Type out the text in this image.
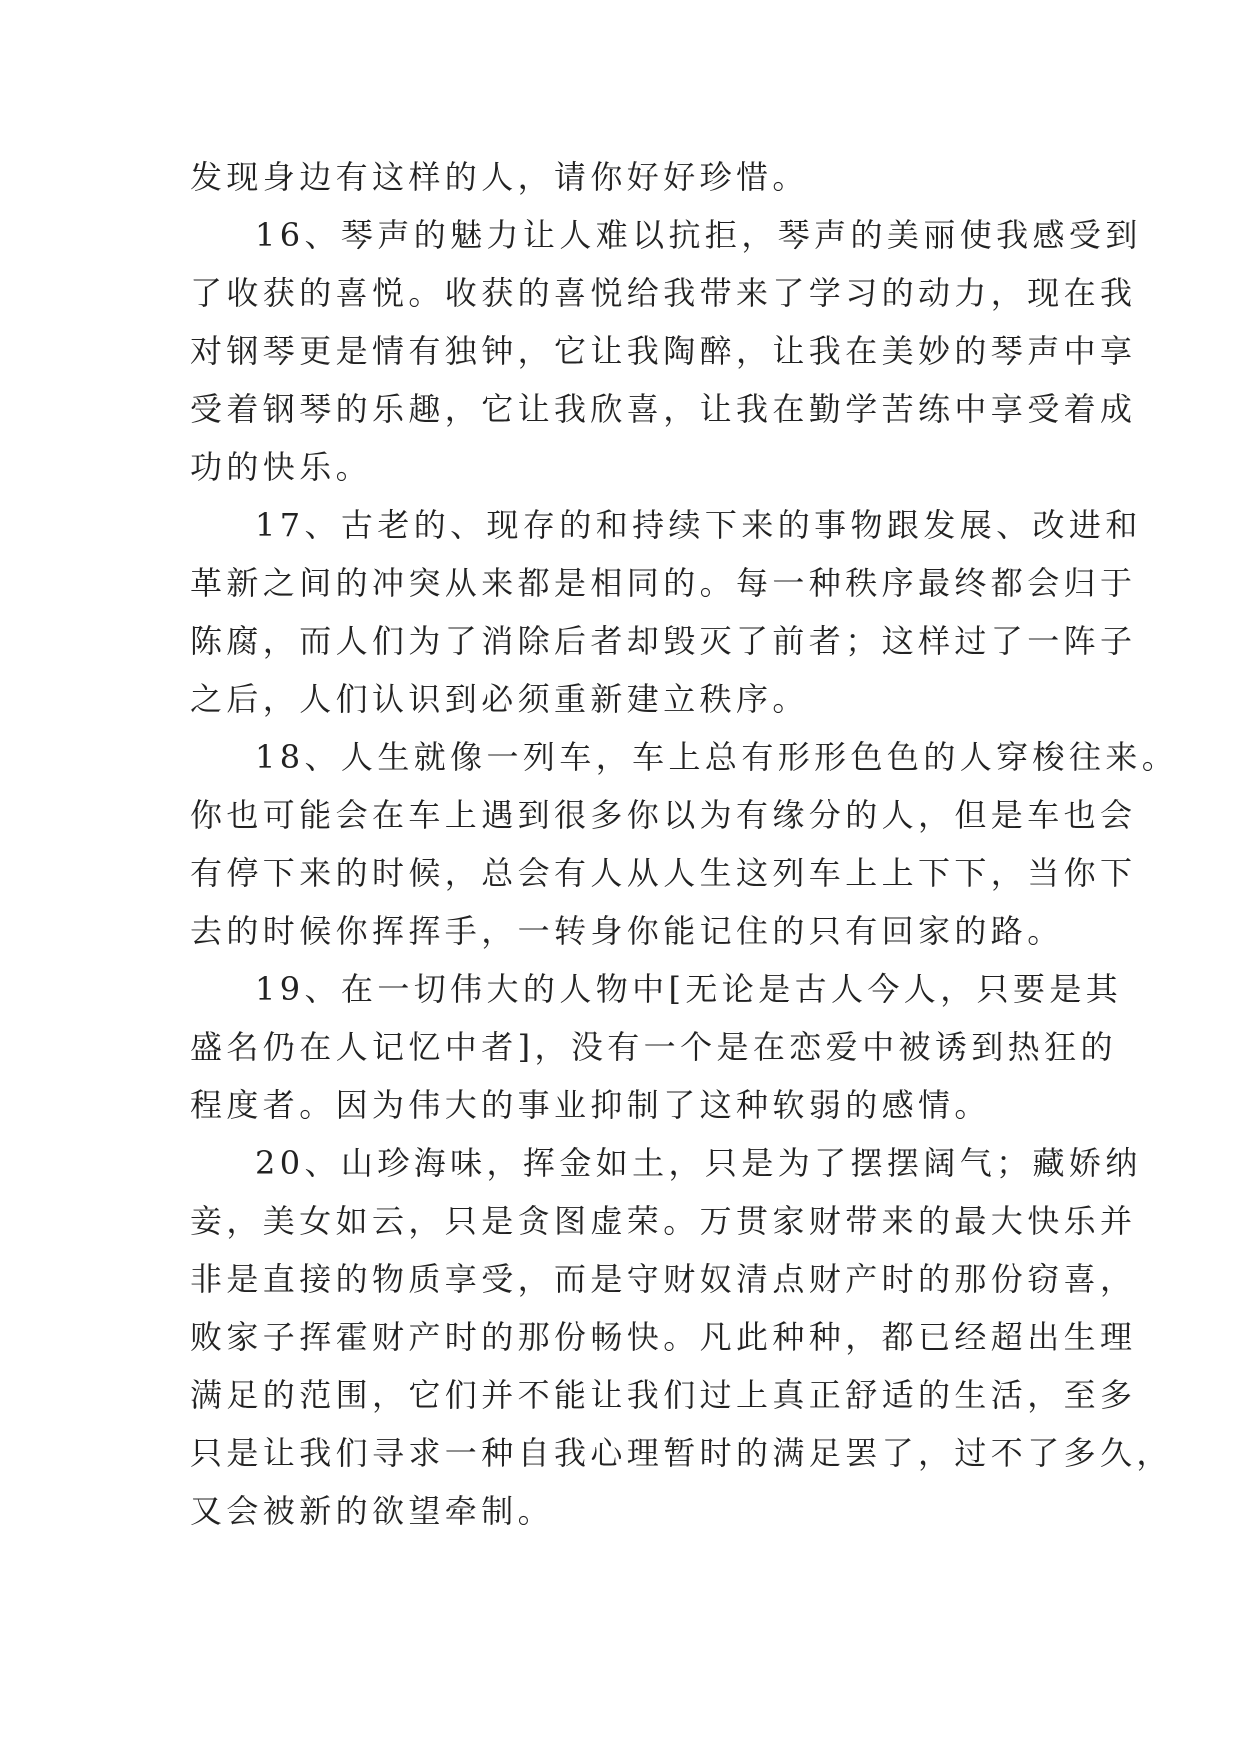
发现身边有这样的人，请你好好珍惜。
16、琴声的魅力让人难以抗拒，琴声的美丽使我感受到
了收获的喜悦。收获的喜悦给我带来了学习的动力，现在我
对钢琴更是情有独钟，它让我陶醉，让我在美妙的琴声中享
受着钢琴的乐趣，它让我欣喜，让我在勤学苦练中享受着成
功的快乐。
17、古老的、现存的和持续下来的事物跟发展、改进和
革新之间的冲突从来都是相同的。每一种秩序最终都会归于
陈腐，而人们为了消除后者却毁灭了前者；这样过了一阵子
之后，人们认识到必须重新建立秩序。
18、人生就像一列车，车上总有形形色色的人穿梭往来。
你也可能会在车上遇到很多你以为有缘分的人，但是车也会
有停下来的时候，总会有人从人生这列车上上下下，当你下
去的时候你挥挥手，一转身你能记住的只有回家的路。
19、在一切伟大的人物中[无论是古人今人，只要是其
盛名仍在人记忆中者]，没有一个是在恋爱中被诱到热狂的
程度者。因为伟大的事业抑制了这种软弱的感情。
20、山珍海味，挥金如土，只是为了摆摆阔气；藏娇纳
妾，美女如云，只是贪图虚荣。万贯家财带来的最大快乐并
非是直接的物质享受，而是守财奴清点财产时的那份窃喜，
败家子挥霍财产时的那份畅快。凡此种种，都已经超出生理
满足的范围，它们并不能让我们过上真正舒适的生活，至多
只是让我们寻求一种自我心理暂时的满足罢了，过不了多久，
又会被新的欲望牵制。
